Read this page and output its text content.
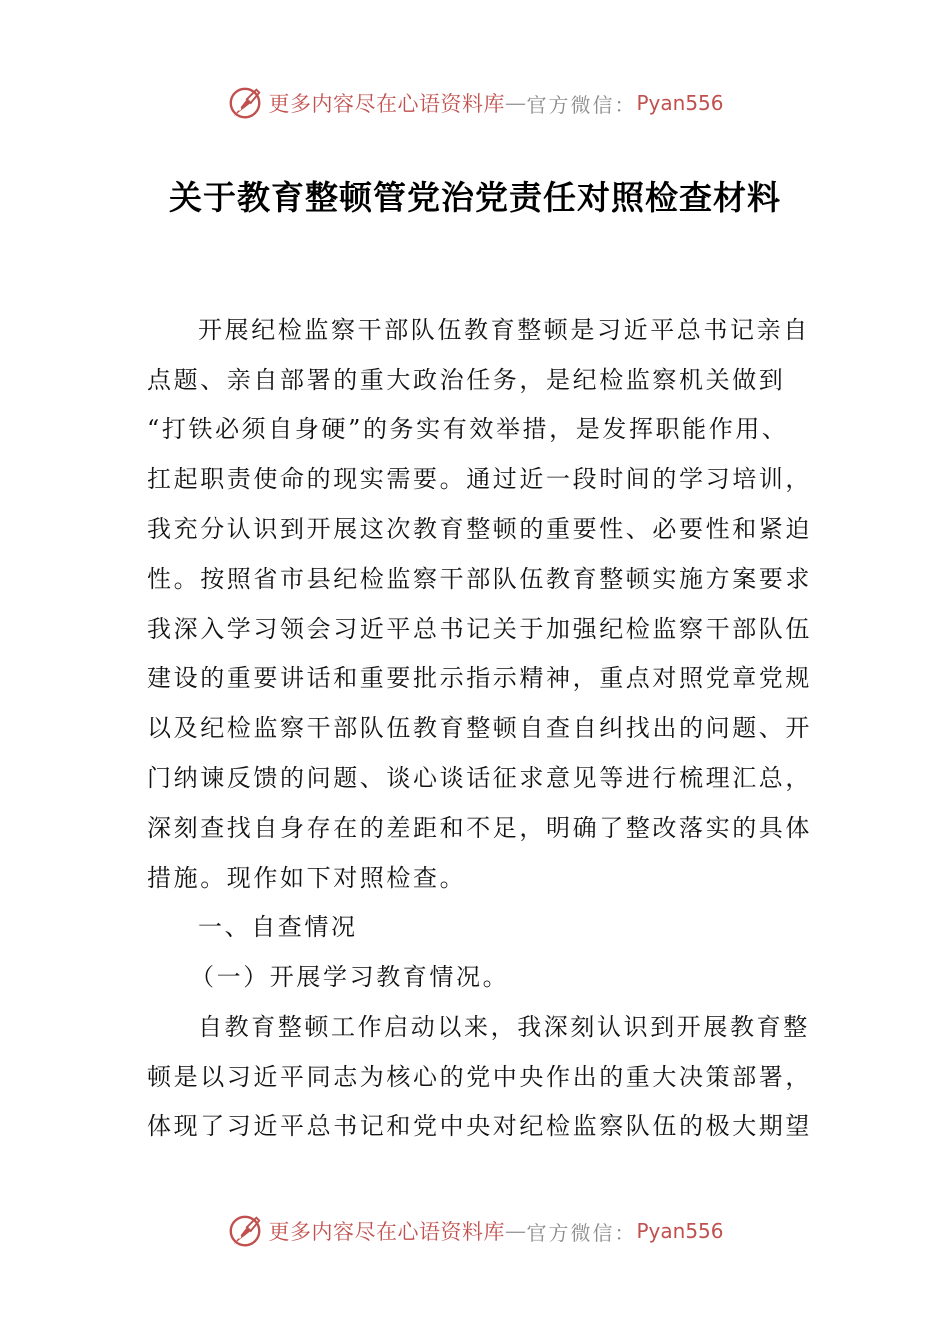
更多内容尽在心语资料库 — 官方微信： Pyan556
关于教育整顿管党治党责任对照检查材料
开展纪检监察干部队伍教育整顿是习近平总书记亲自
点题、亲自部署的重大政治任务，是纪检监察机关做到
“打铁必须自身硬”的务实有效举措，是发挥职能作用、
扛起职责使命的现实需要。通过近一段时间的学习培训，
我充分认识到开展这次教育整顿的重要性、必要性和紧迫
性。按照省市县纪检监察干部队伍教育整顿实施方案要求
我深入学习领会习近平总书记关于加强纪检监察干部队伍
建设的重要讲话和重要批示指示精神，重点对照党章党规
以及纪检监察干部队伍教育整顿自查自纠找出的问题、开
门纳谏反馈的问题、谈心谈话征求意见等进行梳理汇总，
深刻查找自身存在的差距和不足，明确了整改落实的具体
措施。现作如下对照检查。
一、自查情况
（一）开展学习教育情况。
自教育整顿工作启动以来，我深刻认识到开展教育整
顿是以习近平同志为核心的党中央作出的重大决策部署，
体现了习近平总书记和党中央对纪检监察队伍的极大期望
更多内容尽在心语资料库 — 官方微信： Pyan556
